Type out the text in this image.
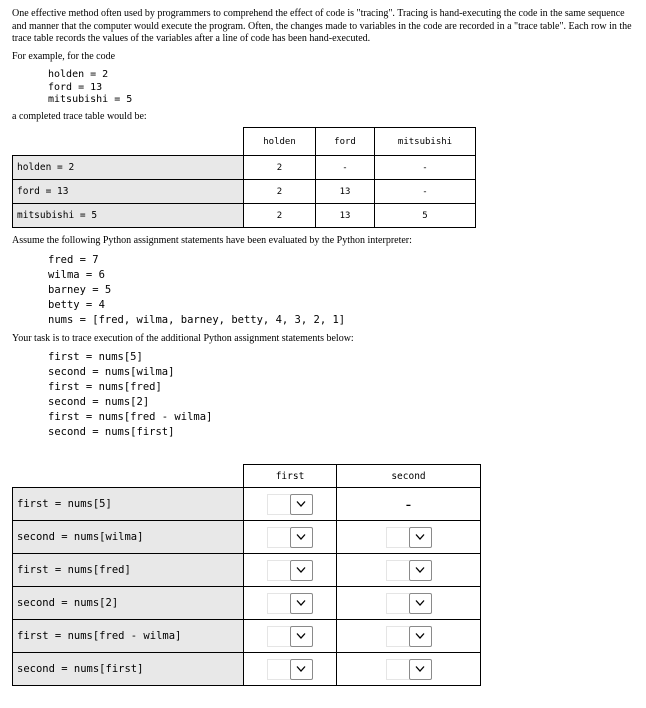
One effective method often used by programmers to comprehend the effect of code is "tracing". Tracing is hand-executing the code in the same sequence and manner that the computer would execute the program. Often, the changes made to variables in the code are recorded in a "trace table". Each row in the trace table records the values of the variables after a line of code has been hand-executed.

For example, for the code
holden = 2
ford = 13
mitsubishi = 5
a completed trace table would be:
	holden	ford	mitsubishi
holden = 2	2	-	-
ford = 13	2	13	-
mitsubishi = 5	2	13	5
Assume the following Python assignment statements have been evaluated by the Python interpreter:
fred = 7
wilma = 6
barney = 5
betty = 4
nums = [fred, wilma, barney, betty, 4, 3, 2, 1]
Your task is to trace execution of the additional Python assignment statements below:
first = nums[5]
second = nums[wilma]
first = nums[fred]
second = nums[2]
first = nums[fred - wilma]
second = nums[first]
	first	second
first = nums[5]		-
second = nums[wilma]	

first = nums[fred]	

second = nums[2]	

first = nums[fred - wilma]	

second = nums[first]	
